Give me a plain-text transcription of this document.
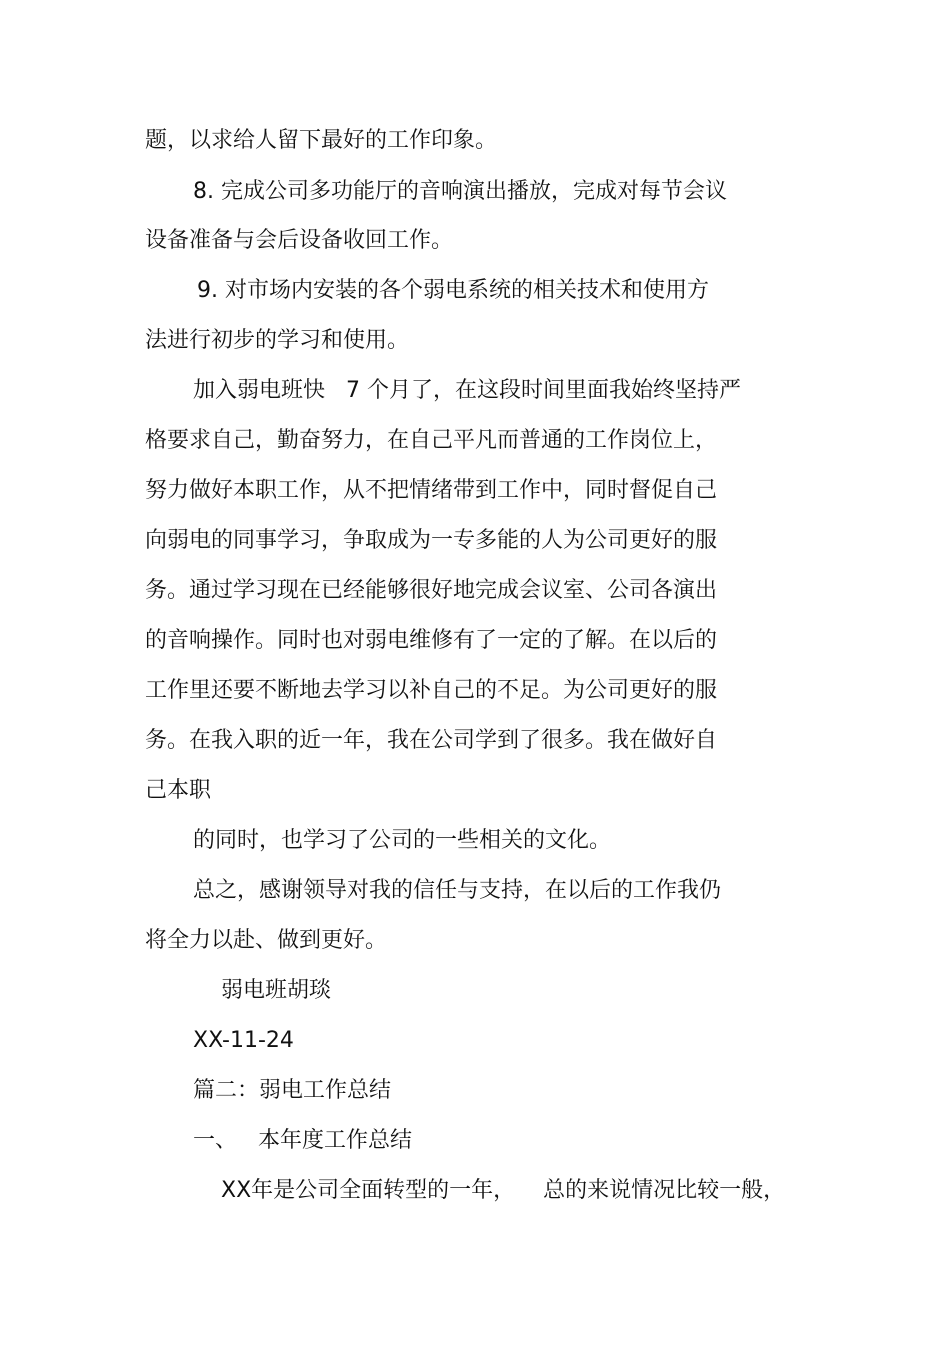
题，以求给人留下最好的工作印象。
8. 完成公司多功能厅的音响演出播放，完成对每节会议
设备准备与会后设备收回工作。
9. 对市场内安装的各个弱电系统的相关技术和使用方
法进行初步的学习和使用。
加入弱电班快   7 个月了，在这段时间里面我始终坚持严
格要求自己，勤奋努力，在自己平凡而普通的工作岗位上，
努力做好本职工作，从不把情绪带到工作中，同时督促自己
向弱电的同事学习，争取成为一专多能的人为公司更好的服
务。通过学习现在已经能够很好地完成会议室、公司各演出
的音响操作。同时也对弱电维修有了一定的了解。在以后的
工作里还要不断地去学习以补自己的不足。为公司更好的服
务。在我入职的近一年，我在公司学到了很多。我在做好自
己本职
的同时，也学习了公司的一些相关的文化。
总之，感谢领导对我的信任与支持，在以后的工作我仍
将全力以赴、做到更好。
弱电班胡琰
XX-11-24
篇二：弱电工作总结
一、   本年度工作总结
XX年是公司全面转型的一年，    总的来说情况比较一般，
